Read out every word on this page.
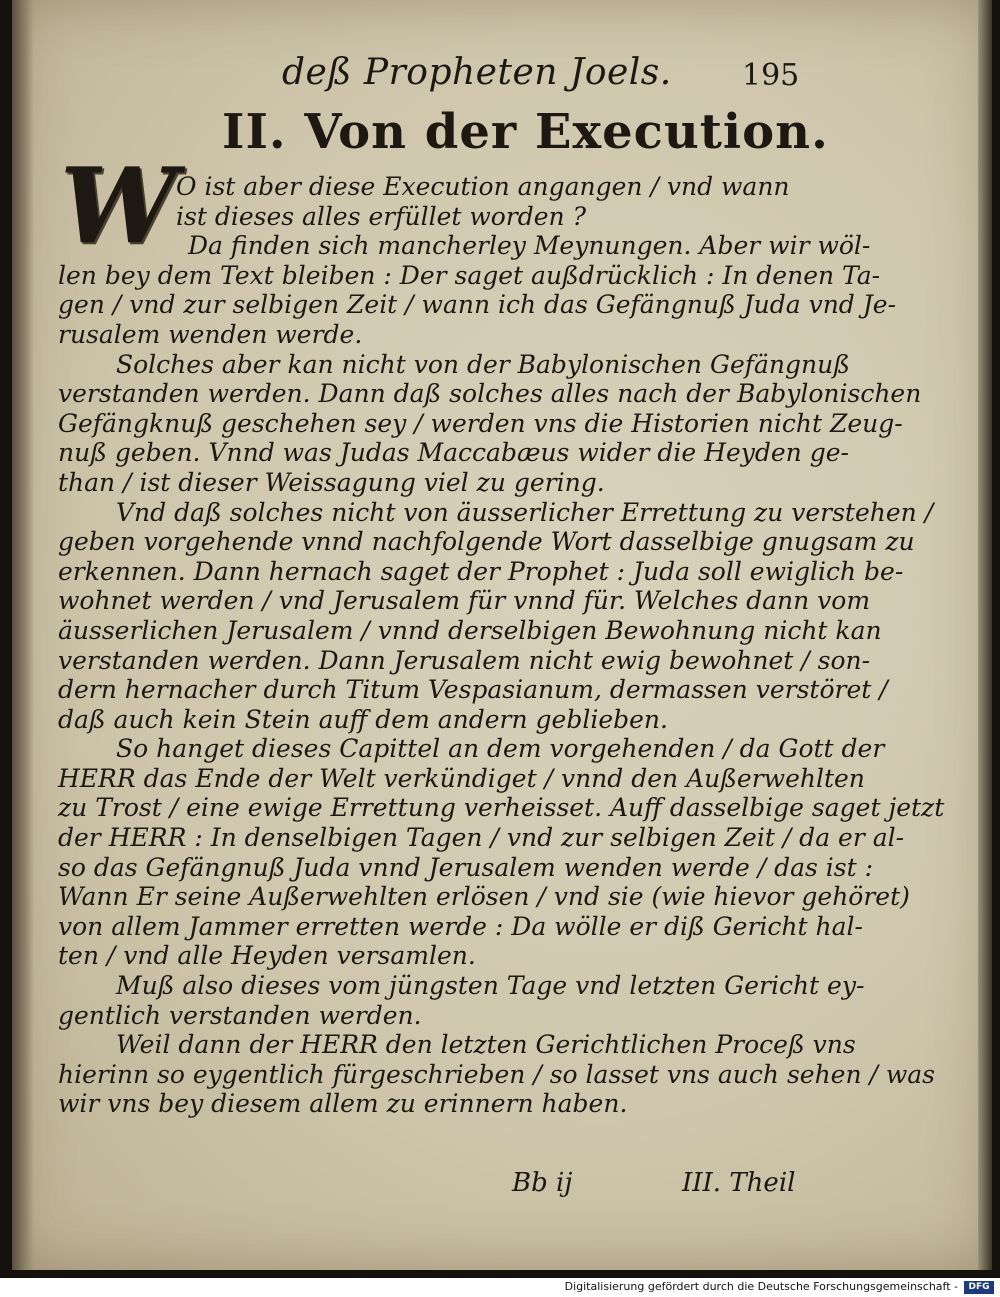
deß Propheten Joels. 195
II. Von der Execution.
W O ist aber diese Execution angangen / vnd wann
ist dieses alles erfüllet worden ?
Da finden sich mancherley Meynungen. Aber wir wöl-
len bey dem Text bleiben : Der saget außdrücklich : In denen Ta-
gen / vnd zur selbigen Zeit / wann ich das Gefängnuß Juda vnd Je-
rusalem wenden werde.
Solches aber kan nicht von der Babylonischen Gefängnuß
verstanden werden. Dann daß solches alles nach der Babylonischen
Gefängknuß geschehen sey / werden vns die Historien nicht Zeug-
nuß geben. Vnnd was Judas Maccabæus wider die Heyden ge-
than / ist dieser Weissagung viel zu gering.
Vnd daß solches nicht von äusserlicher Errettung zu verstehen /
geben vorgehende vnnd nachfolgende Wort dasselbige gnugsam zu
erkennen. Dann hernach saget der Prophet : Juda soll ewiglich be-
wohnet werden / vnd Jerusalem für vnnd für. Welches dann vom
äusserlichen Jerusalem / vnnd derselbigen Bewohnung nicht kan
verstanden werden. Dann Jerusalem nicht ewig bewohnet / son-
dern hernacher durch Titum Vespasianum, dermassen verstöret /
daß auch kein Stein auff dem andern geblieben.
So hanget dieses Capittel an dem vorgehenden / da Gott der
HERR das Ende der Welt verkündiget / vnnd den Außerwehlten
zu Trost / eine ewige Errettung verheisset. Auff dasselbige saget jetzt
der HERR : In denselbigen Tagen / vnd zur selbigen Zeit / da er al-
so das Gefängnuß Juda vnnd Jerusalem wenden werde / das ist :
Wann Er seine Außerwehlten erlösen / vnd sie (wie hievor gehöret)
von allem Jammer erretten werde : Da wölle er diß Gericht hal-
ten / vnd alle Heyden versamlen.
Muß also dieses vom jüngsten Tage vnd letzten Gericht ey-
gentlich verstanden werden.
Weil dann der HERR den letzten Gerichtlichen Proceß vns
hierinn so eygentlich fürgeschrieben / so lasset vns auch sehen / was
wir vns bey diesem allem zu erinnern haben.
Bb ij	III. Theil
Digitalisierung gefördert durch die Deutsche Forschungsgemeinschaft -	DFG
